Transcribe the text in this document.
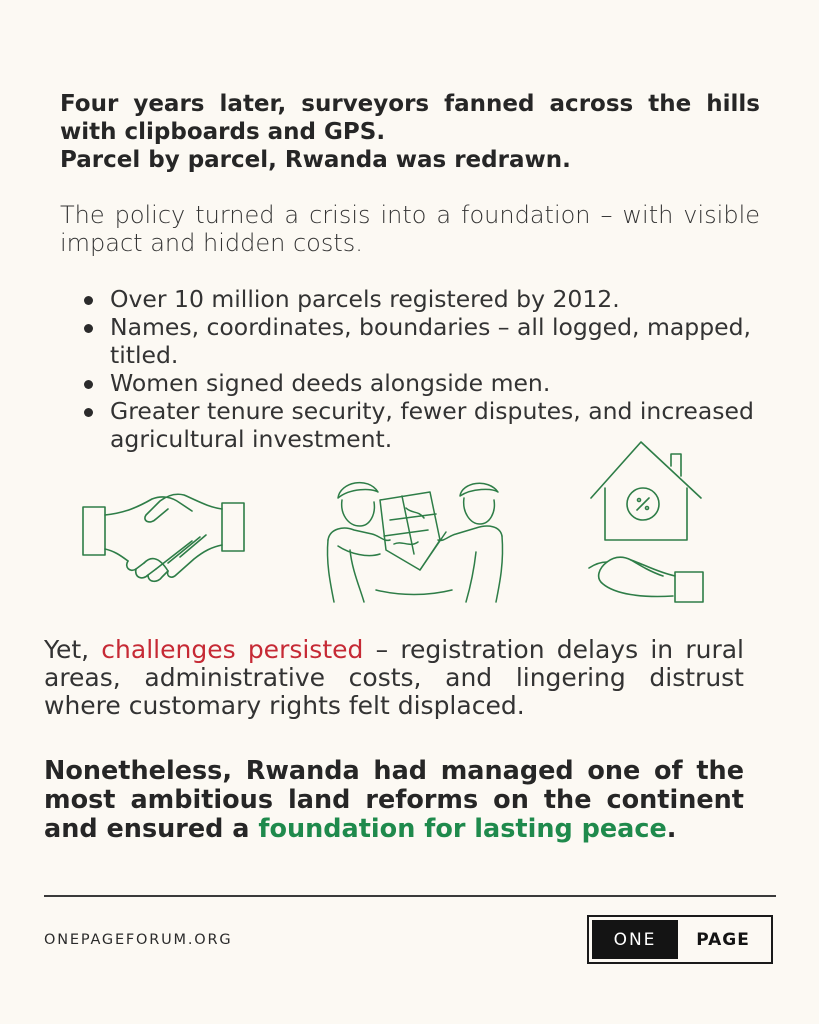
Four years later, surveyors fanned across the hills with clipboards and GPS.
Parcel by parcel, Rwanda was redrawn.

The policy turned a crisis into a foundation – with visible impact and hidden costs.

Over 10 million parcels registered by 2012.
Names, coordinates, boundaries – all logged, mapped, titled.
Women signed deeds alongside men.
Greater tenure security, fewer disputes, and increased agricultural investment.

Yet, challenges persisted – registration delays in rural areas, administrative costs, and lingering distrust where customary rights felt displaced.

Nonetheless, Rwanda had managed one of the most ambitious land reforms on the continent and ensured a foundation for lasting peace.

ONEPAGEFORUM.ORG	ONE	PAGE
